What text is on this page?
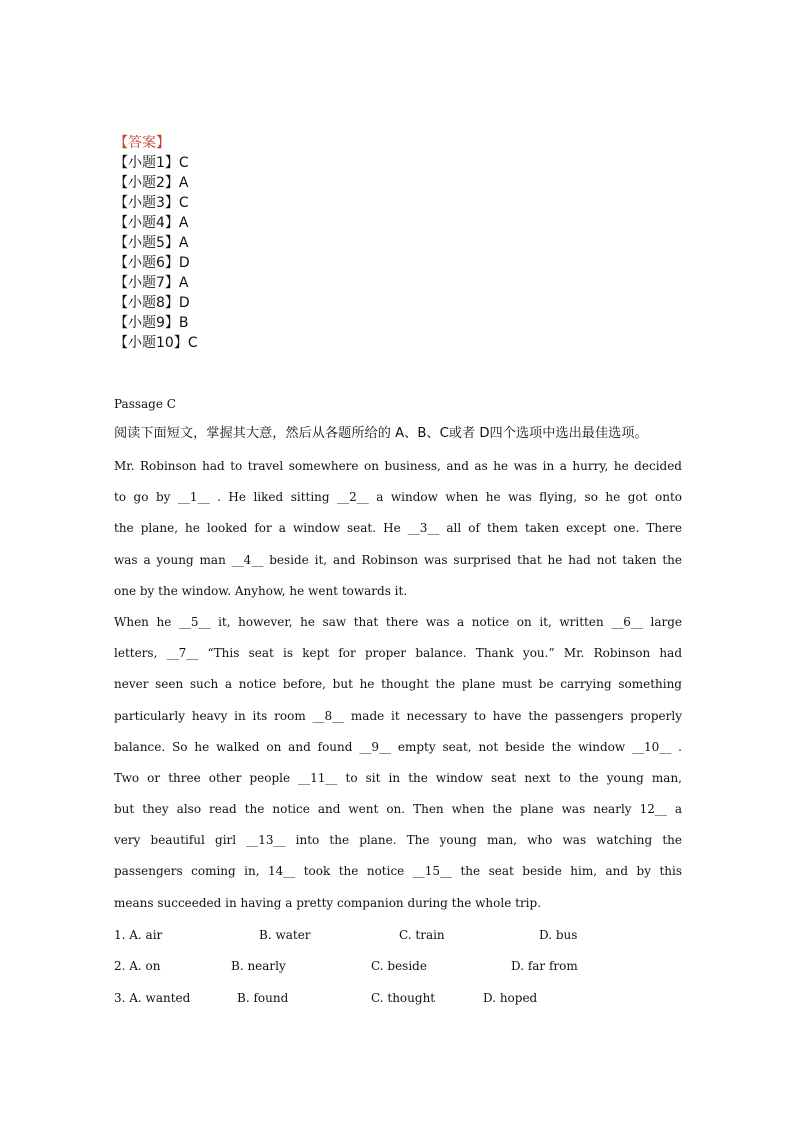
【答案】
【小题1】C
【小题2】A
【小题3】C
【小题4】A
【小题5】A
【小题6】D
【小题7】A
【小题8】D
【小题9】B
【小题10】C
Passage C
阅读下面短文，掌握其大意，然后从各题所给的 A、B、C或者 D四个选项中选出最佳选项。
Mr. Robinson had to travel somewhere on business, and as he was in a hurry, he decided
to go by __1__ . He liked sitting __2__ a window when he was flying, so he got onto
the plane, he looked for a window seat. He __3__ all of them taken except one. There
was a young man __4__ beside it, and Robinson was surprised that he had not taken the
one by the window. Anyhow, he went towards it.
When he __5__ it, however, he saw that there was a notice on it, written __6__ large
letters, __7__ “This seat is kept for proper balance. Thank you.” Mr. Robinson had
never seen such a notice before, but he thought the plane must be carrying something
particularly heavy in its room __8__ made it necessary to have the passengers properly
balance. So he walked on and found __9__ empty seat, not beside the window __10__ .
Two or three other people __11__ to sit in the window seat next to the young man,
but they also read the notice and went on. Then when the plane was nearly 12__ a
very beautiful girl __13__ into the plane. The young man, who was watching the
passengers coming in, 14__ took the notice __15__ the seat beside him, and by this
means succeeded in having a pretty companion during the whole trip.
1. A. air	B. water	C. train	D. bus
2. A. on	B. nearly	C. beside	D. far from
3. A. wanted	B. found	C. thought	D. hoped
